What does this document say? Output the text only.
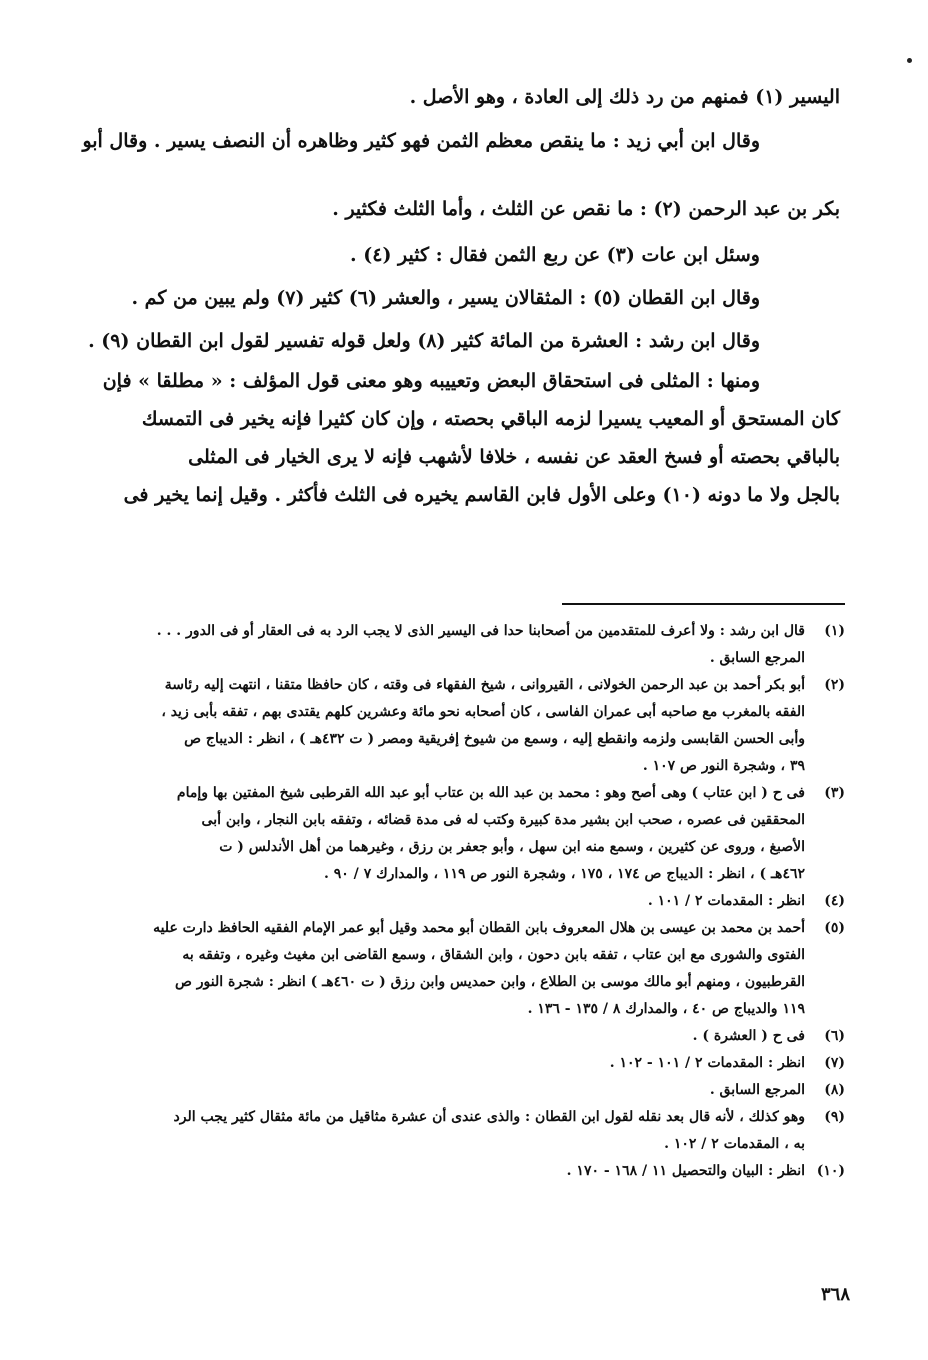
اليسير (١) فمنهم من رد ذلك إلى العادة ، وهو الأصل .
وقال ابن أبي زيد : ما ينقص معظم الثمن فهو كثير وظاهره أن النصف يسير . وقال أبو
بكر بن عبد الرحمن (٢) : ما نقص عن الثلث ، وأما الثلث فكثير .
وسئل ابن عات (٣) عن ربع الثمن فقال : كثير (٤) .
وقال ابن القطان (٥) : المثقالان يسير ، والعشر (٦) كثير (٧) ولم يبين من كم .
وقال ابن رشد : العشرة من المائة كثير (٨) ولعل قوله تفسير لقول ابن القطان (٩) .
ومنها : المثلى فى استحقاق البعض وتعييبه وهو معنى قول المؤلف : « مطلقا » فإن
كان المستحق أو المعيب يسيرا لزمه الباقي بحصته ، وإن كان كثيرا فإنه يخير فى التمسك
بالباقي بحصته أو فسخ العقد عن نفسه ، خلافا لأشهب فإنه لا يرى الخيار فى المثلى
بالجل ولا ما دونه (١٠) وعلى الأول فابن القاسم يخيره فى الثلث فأكثر . وقيل إنما يخير فى
(١)
قال ابن رشد : ولا أعرف للمتقدمين من أصحابنا حدا فى اليسير الذى لا يجب الرد به فى العقار أو فى الدور . . .
المرجع السابق .
(٢)
أبو بكر أحمد بن عبد الرحمن الخولانى ، القيروانى ، شيخ الفقهاء فى وقته ، كان حافظا متقنا ، انتهت إليه رئاسة
الفقه بالمغرب مع صاحبه أبى عمران الفاسى ، كان أصحابه نحو مائة وعشرين كلهم يقتدى بهم ، تفقه بأبى زيد ،
وأبى الحسن القابسى ولزمه وانقطع إليه ، وسمع من شيوخ إفريقية ومصر ( ت ٤٣٢هـ ) ، انظر : الديباج ص
٣٩ ، وشجرة النور ص ١٠٧ .
(٣)
فى ح ( ابن عتاب ) وهى أصح وهو : محمد بن عبد الله بن عتاب أبو عبد الله القرطبى شيخ المفتين بها وإمام
المحققين فى عصره ، صحب ابن بشير مدة كبيرة وكتب له فى مدة قضائه ، وتفقه بابن النجار ، وابن أبى
الأصبغ ، وروى عن كثيرين ، وسمع منه ابن سهل ، وأبو جعفر بن رزق ، وغيرهما من أهل الأندلس ( ت
٤٦٢هـ ) ، انظر : الديباج ص ١٧٤ ، ١٧٥ ، وشجرة النور ص ١١٩ ، والمدارك ٧ / ٩٠ .
(٤)
انظر : المقدمات ٢ / ١٠١ .
(٥)
أحمد بن محمد بن عيسى بن هلال المعروف بابن القطان أبو محمد وقيل أبو عمر الإمام الفقيه الحافظ دارت عليه
الفتوى والشورى مع ابن عتاب ، تفقه بابن دحون ، وابن الشقاق ، وسمع القاضى ابن مغيث وغيره ، وتفقه به
القرطبيون ، ومنهم أبو مالك موسى بن الطلاع ، وابن حمديس وابن رزق ( ت ٤٦٠هـ ) انظر : شجرة النور ص
١١٩ والديباج ص ٤٠ ، والمدارك ٨ / ١٣٥ - ١٣٦ .
(٦)
فى ح ( العشرة ) .
(٧)
انظر : المقدمات ٢ / ١٠١ - ١٠٢ .
(٨)
المرجع السابق .
(٩)
وهو كذلك ، لأنه قال بعد نقله لقول ابن القطان : والذى عندى أن عشرة مثاقيل من مائة مثقال كثير يجب الرد
به ، المقدمات ٢ / ١٠٢ .
(١٠)
انظر : البيان والتحصيل ١١ / ١٦٨ - ١٧٠ .
٣٦٨
